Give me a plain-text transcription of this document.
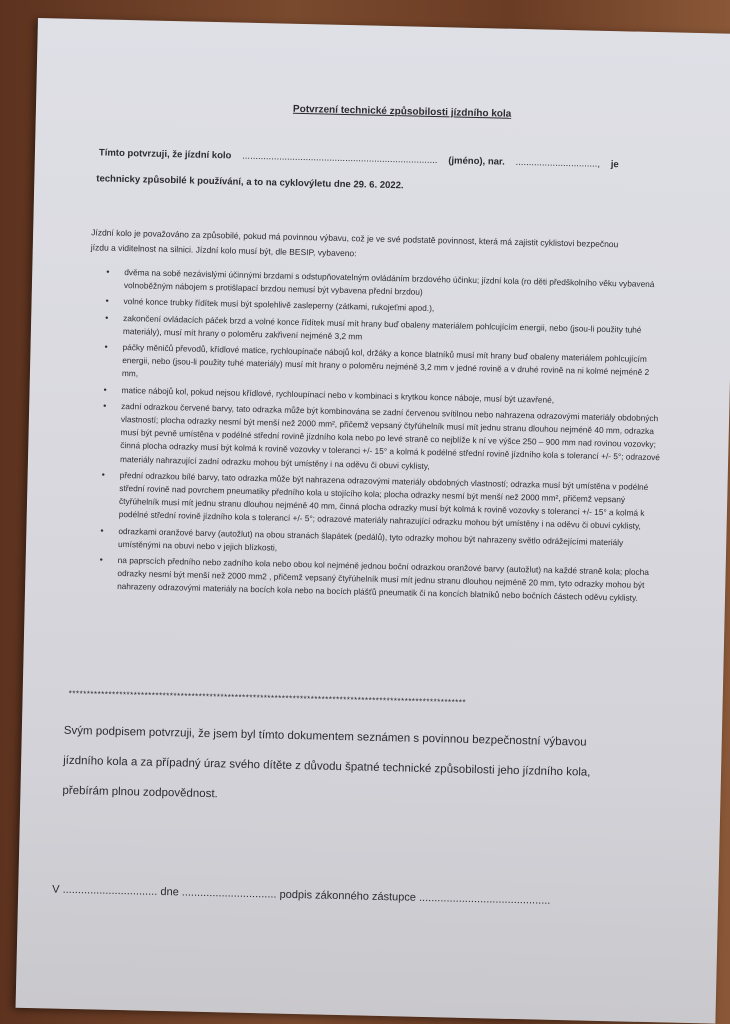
Potvrzení technické způsobilosti jízdního kola
Tímto potvrzuji, že jízdní kolo .......................................................................... (jméno), nar. ..............................., je
technicky způsobilé k používání, a to na cyklovýletu dne 29. 6. 2022.
Jízdní kolo je považováno za způsobilé, pokud má povinnou výbavu, což je ve své podstatě povinnost, která má zajistit cyklistovi bezpečnou jízdu a viditelnost na silnici. Jízdní kolo musí být, dle BESIP, vybaveno:
• dvěma na sobě nezávislými účinnými brzdami s odstupňovatelným ovládáním brzdového účinku; jízdní kola (ro děti předškolního věku vybavená volnoběžným nábojem s protišlapací brzdou nemusí být vybavena přední brzdou)
• volné konce trubky řídítek musí být spolehlivě zasleperny (zátkami, rukojeťmi apod.),
• zakončení ovládacích páček brzd a volné konce řídítek musí mít hrany buď obaleny materiálem pohlcujícím energii, nebo (jsou-li použity tuhé materiály), musí mít hrany o poloměru zakřivení nejméně 3,2 mm
• páčky měničů převodů, křídlové matice, rychloupínače nábojů kol, držáky a konce blatníků musí mít hrany buď obaleny materiálem pohlcujícím energii, nebo (jsou-li použity tuhé materiály) musí mít hrany o poloměru nejméně 3,2 mm v jedné rovině a v druhé rovině na ni kolmé nejméně 2 mm,
• matice nábojů kol, pokud nejsou křídlové, rychloupínací nebo v kombinaci s krytkou konce náboje, musí být uzavřené,
• zadní odrazkou červené barvy, tato odrazka může být kombinována se zadní červenou svítilnou nebo nahrazena odrazovými materiály obdobných vlastností; plocha odrazky nesmí být menší než 2000 mm², přičemž vepsaný čtyřúhelník musí mít jednu stranu dlouhou nejméně 40 mm, odrazka musí být pevně umístěna v podélné střední rovině jízdního kola nebo po levé straně co nejblíže k ní ve výšce 250 – 900 mm nad rovinou vozovky; činná plocha odrazky musí být kolmá k rovině vozovky v toleranci +/- 15° a kolmá k podélné střední rovině jízdního kola s tolerancí +/- 5°; odrazové materiály nahrazující zadní odrazku mohou být umístěny i na oděvu či obuvi cyklisty,
• přední odrazkou bílé barvy, tato odrazka může být nahrazena odrazovými materiály obdobných vlastností; odrazka musí být umístěna v podélné střední rovině nad povrchem pneumatiky předního kola u stojícího kola; plocha odrazky nesmí být menší než 2000 mm², přičemž vepsaný čtyřúhelník musí mít jednu stranu dlouhou nejméně 40 mm, činná plocha odrazky musí být kolmá k rovině vozovky s tolerancí +/- 15° a kolmá k podélné střední rovině jízdního kola s tolerancí +/- 5°; odrazové materiály nahrazující odrazku mohou být umístěny i na oděvu či obuvi cyklisty,
• odrazkami oranžové barvy (autožlut) na obou stranách šlapátek (pedálů), tyto odrazky mohou být nahrazeny světlo odrážejícími materiály umístěnými na obuvi nebo v jejich blízkosti,
• na paprscích předního nebo zadního kola nebo obou kol nejméně jednou boční odrazkou oranžové barvy (autožlut) na každé straně kola; plocha odrazky nesmí být menší než 2000 mm2 , přičemž vepsaný čtyřúhelník musí mít jednu stranu dlouhou nejméně 20 mm, tyto odrazky mohou být nahrazeny odrazovými materiály na bocích kola nebo na bocích plášťů pneumatik či na koncích blatníků nebo bočních částech oděvu cyklisty.
**************************************************************************************************************
Svým podpisem potvrzuji, že jsem byl tímto dokumentem seznámen s povinnou bezpečnostní výbavou jízdního kola a za případný úraz svého dítěte z důvodu špatné technické způsobilosti jeho jízdního kola, přebírám plnou zodpovědnost.
V ............................... dne ............................... podpis zákonného zástupce ...........................................
